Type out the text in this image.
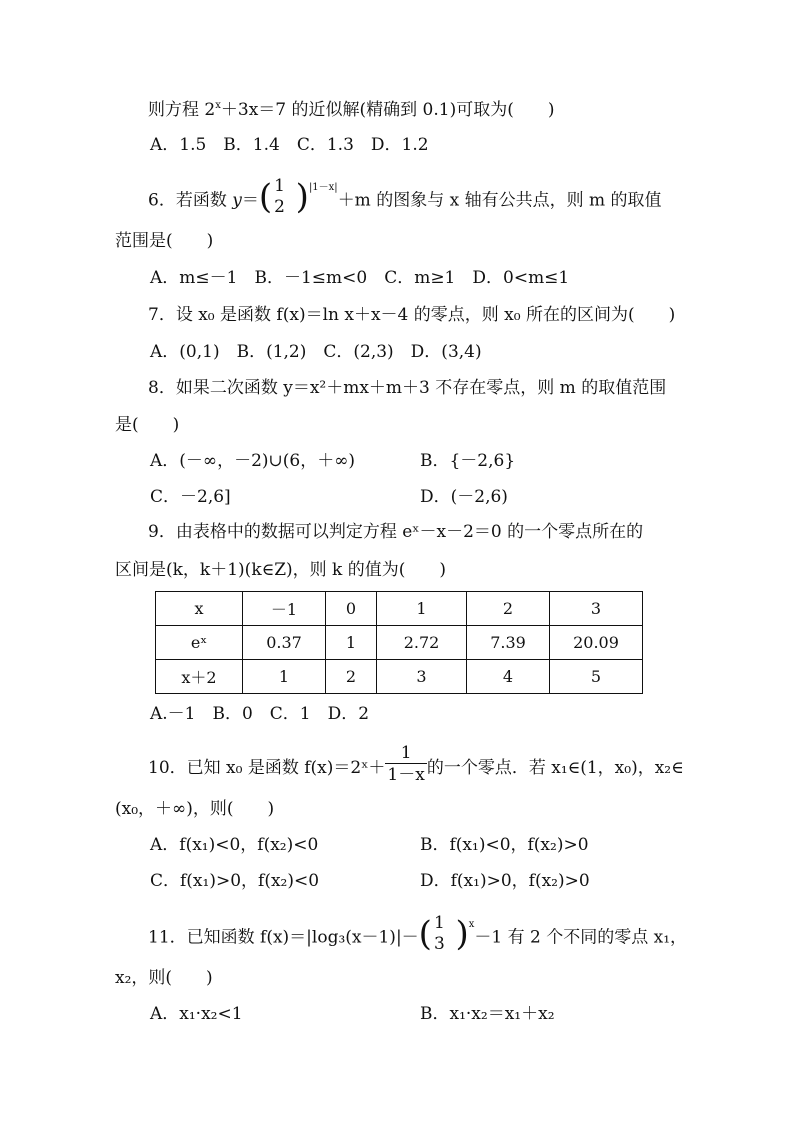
则方程 $2^x+3x=7$ 的近似解(精确到 0.1)可取为(　　)
A．1.5　B．1.4　C．1.3　D．1.2
6．若函数 y＝( 1
2 )$^{|1-x|}$＋m 的图象与 x 轴有公共点，则 m 的取值
范围是(　　)
A．m≤－1　B．－1≤m<0　C．m≥1　D．0<m≤1
7．设 x₀ 是函数 f(x)＝ln x＋x－4 的零点，则 x₀ 所在的区间为(　　)
A．(0,1)　B．(1,2)　C．(2,3)　D．(3,4)
8．如果二次函数 y＝x²＋mx＋m＋3 不存在零点，则 m 的取值范围
是(　　)
A．(－∞，－2)∪(6，＋∞)	B．{－2,6}
C．－2,6]	D．(－2,6)
9．由表格中的数据可以判定方程 eˣ－x－2＝0 的一个零点所在的
区间是(k，k＋1)(k∈Z)，则 k 的值为(　　)
x	－1	0	1	2	3
eˣ	0.37	1	2.72	7.39	20.09
x＋2	1	2	3	4	5
A.－1　B．0　C．1　D．2
10．已知 x₀ 是函数 f(x)＝2ˣ＋ $\frac{1}{1-x}$ 的一个零点．若 x₁∈(1，x₀)，x₂∈
(x₀，＋∞)，则(　　)
A．f(x₁)<0，f(x₂)<0	B．f(x₁)<0，f(x₂)>0
C．f(x₁)>0，f(x₂)<0	D．f(x₁)>0，f(x₂)>0
11．已知函数 f(x)＝|log₃(x－1)|－( 1
3 )$^x$－1 有 2 个不同的零点 x₁，
x₂，则(　　)
A．x₁·x₂<1	B．x₁·x₂＝x₁＋x₂
